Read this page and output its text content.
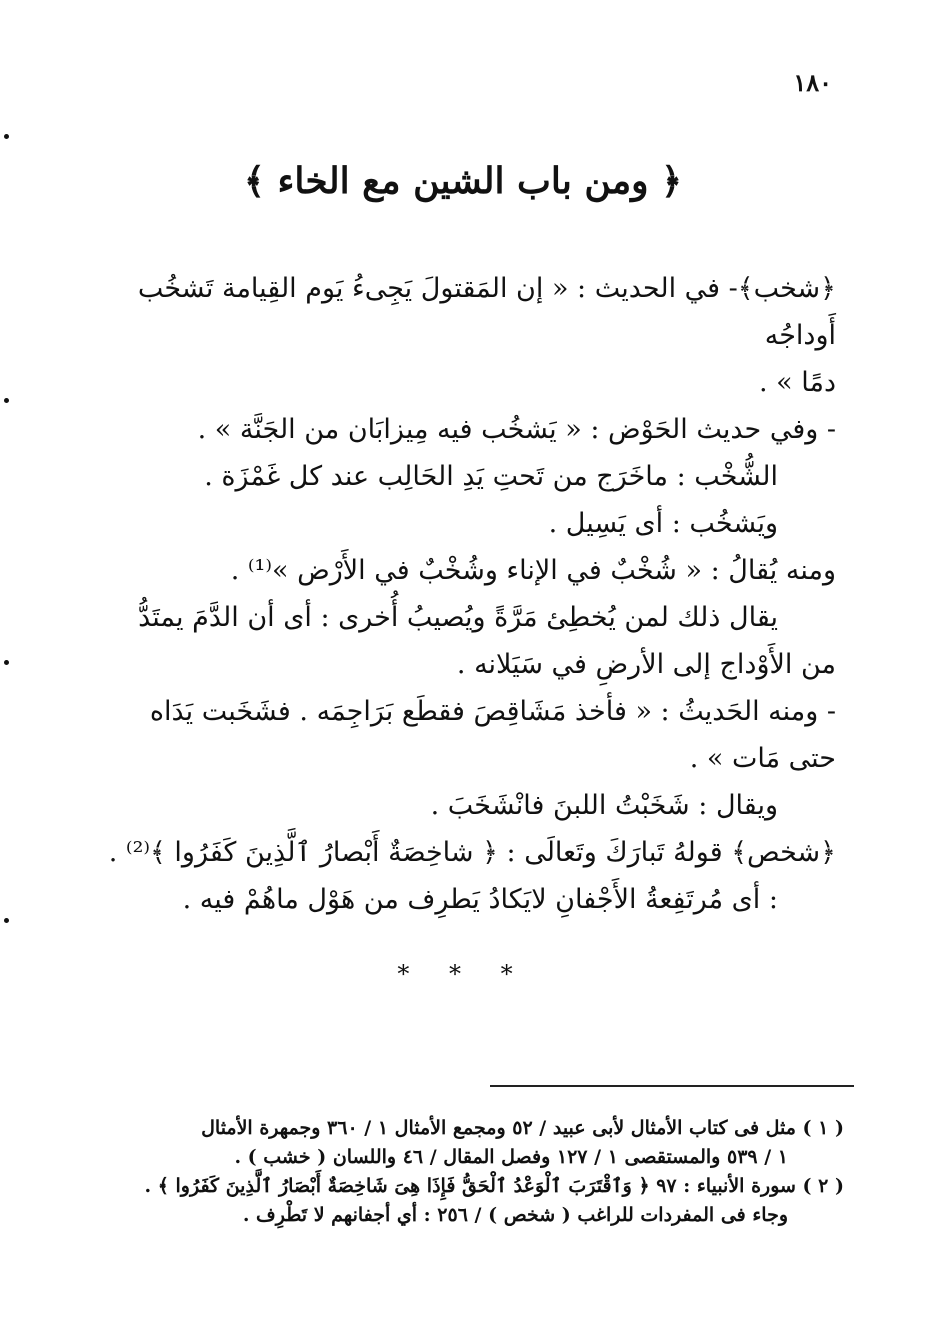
١٨٠
﴿ ومن باب الشين مع الخاء ﴾

﴿شخب﴾- في الحديث : « إن المَقتولَ يَجِىءُ يَوم القِيامة تَشخُب أَوداجُه

دمًا » .

- وفي حديث الحَوْض : « يَشخُب فيه مِيزابَان من الجَنَّة » .

الشُّخْب : ماخَرَج من تَحتِ يَدِ الحَالِب عند كل غَمْزَة .

ويَشخُب : أى يَسِيل .

ومنه يُقالُ : « شُخْبٌ في الإناء وشُخْبٌ في الأَرْض »⁽¹⁾ .

يقال ذلك لمن يُخطِئ مَرَّةً ويُصيبُ أُخرى : أى أن الدَّمَ يمتَدُّ

من الأَوْداج إلى الأرضِ في سَيَلانه .

- ومنه الحَديثُ : « فأخذ مَشَاقِصَ فقطَع بَرَاجِمَه . فشَخَبت يَدَاه

حتى مَات » .

ويقال : شَخَبْتُ اللبنَ فانْشَخَبَ .

﴿شخص﴾ قولهُ تَبارَكَ وتَعالَى : ﴿ شاخِصَةٌ أَبْصارُ ٱلَّذِينَ كَفَرُوا ﴾⁽²⁾ .

: أى مُرتَفِعةُ الأَجْفانِ لايَكادُ يَطرِف من هَوْل ماهُمْ فيه .

* * *

( ١ ) مثل فى كتاب الأمثال لأبى عبيد / ٥٢ ومجمع الأمثال ١ / ٣٦٠ وجمهرة الأمثال

١ / ٥٣٩ والمستقصى ١ / ١٢٧ وفصل المقال / ٤٦ واللسان ( خشب ) .

( ٢ ) سورة الأنبياء : ٩٧ ﴿ وَٱقْتَرَبَ ٱلْوَعْدُ ٱلْحَقُّ فَإِذَا هِىَ شَاخِصَةٌ أَبْصَارُ ٱلَّذِينَ كَفَرُوا ﴾ .

وجاء فى المفردات للراغب ( شخص ) / ٢٥٦ : أي أجفانهم لا تَطْرِف .
